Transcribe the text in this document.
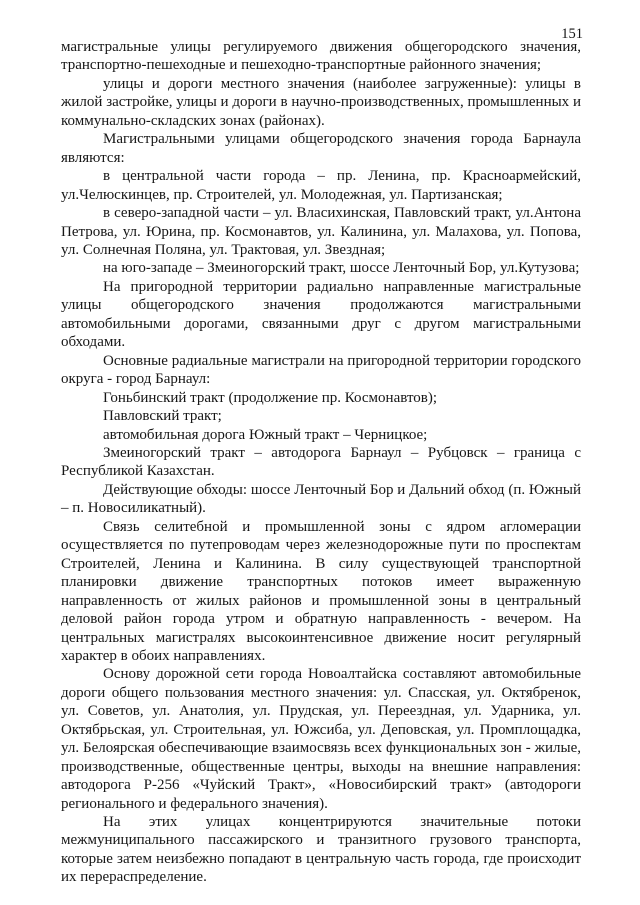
151

магистральные улицы регулируемого движения общегородского значения, транспортно-пешеходные и пешеходно-транспортные районного значения;

улицы и дороги местного значения (наиболее загруженные): улицы в жилой застройке, улицы и дороги в научно-производственных, промышленных и коммунально-складских зонах (районах).

Магистральными улицами общегородского значения города Барнаула являются:

в центральной части города – пр. Ленина, пр. Красноармейский, ул.Челюскинцев, пр. Строителей, ул. Молодежная, ул. Партизанская;

в северо-западной части – ул. Власихинская, Павловский тракт, ул.Антона Петрова, ул. Юрина, пр. Космонавтов, ул. Калинина, ул. Малахова, ул. Попова, ул. Солнечная Поляна, ул. Трактовая, ул. Звездная;

на юго-западе – Змеиногорский тракт, шоссе Ленточный Бор, ул.Кутузова;

На пригородной территории радиально направленные магистральные улицы общегородского значения продолжаются магистральными автомобильными дорогами, связанными друг с другом магистральными обходами.

Основные радиальные магистрали на пригородной территории городского округа - город Барнаул:

Гоньбинский тракт (продолжение пр. Космонавтов);

Павловский тракт;

автомобильная дорога Южный тракт – Черницкое;

Змеиногорский тракт – автодорога Барнаул – Рубцовск – граница с Республикой Казахстан.

Действующие обходы: шоссе Ленточный Бор и Дальний обход (п. Южный – п. Новосиликатный).

Связь селитебной и промышленной зоны с ядром агломерации осуществляется по путепроводам через железнодорожные пути по проспектам Строителей, Ленина и Калинина. В силу существующей транспортной планировки движение транспортных потоков имеет выраженную направленность от жилых районов и промышленной зоны в центральный деловой район города утром и обратную направленность - вечером. На центральных магистралях высокоинтенсивное движение носит регулярный характер в обоих направлениях.

Основу дорожной сети города Новоалтайска составляют автомобильные дороги общего пользования местного значения: ул. Спасская, ул. Октябренок, ул. Советов, ул. Анатолия, ул. Прудская, ул. Переездная, ул. Ударника, ул. Октябрьская, ул. Строительная, ул. Южсиба, ул. Деповская, ул. Промплощадка, ул. Белоярская обеспечивающие взаимосвязь всех функциональных зон - жилые, производственные, общественные центры, выходы на внешние направления: автодорога Р-256 «Чуйский Тракт», «Новосибирский тракт» (автодороги регионального и федерального значения).

На этих улицах концентрируются значительные потоки межмуниципального пассажирского и транзитного грузового транспорта, которые затем неизбежно попадают в центральную часть города, где происходит их перераспределение.
